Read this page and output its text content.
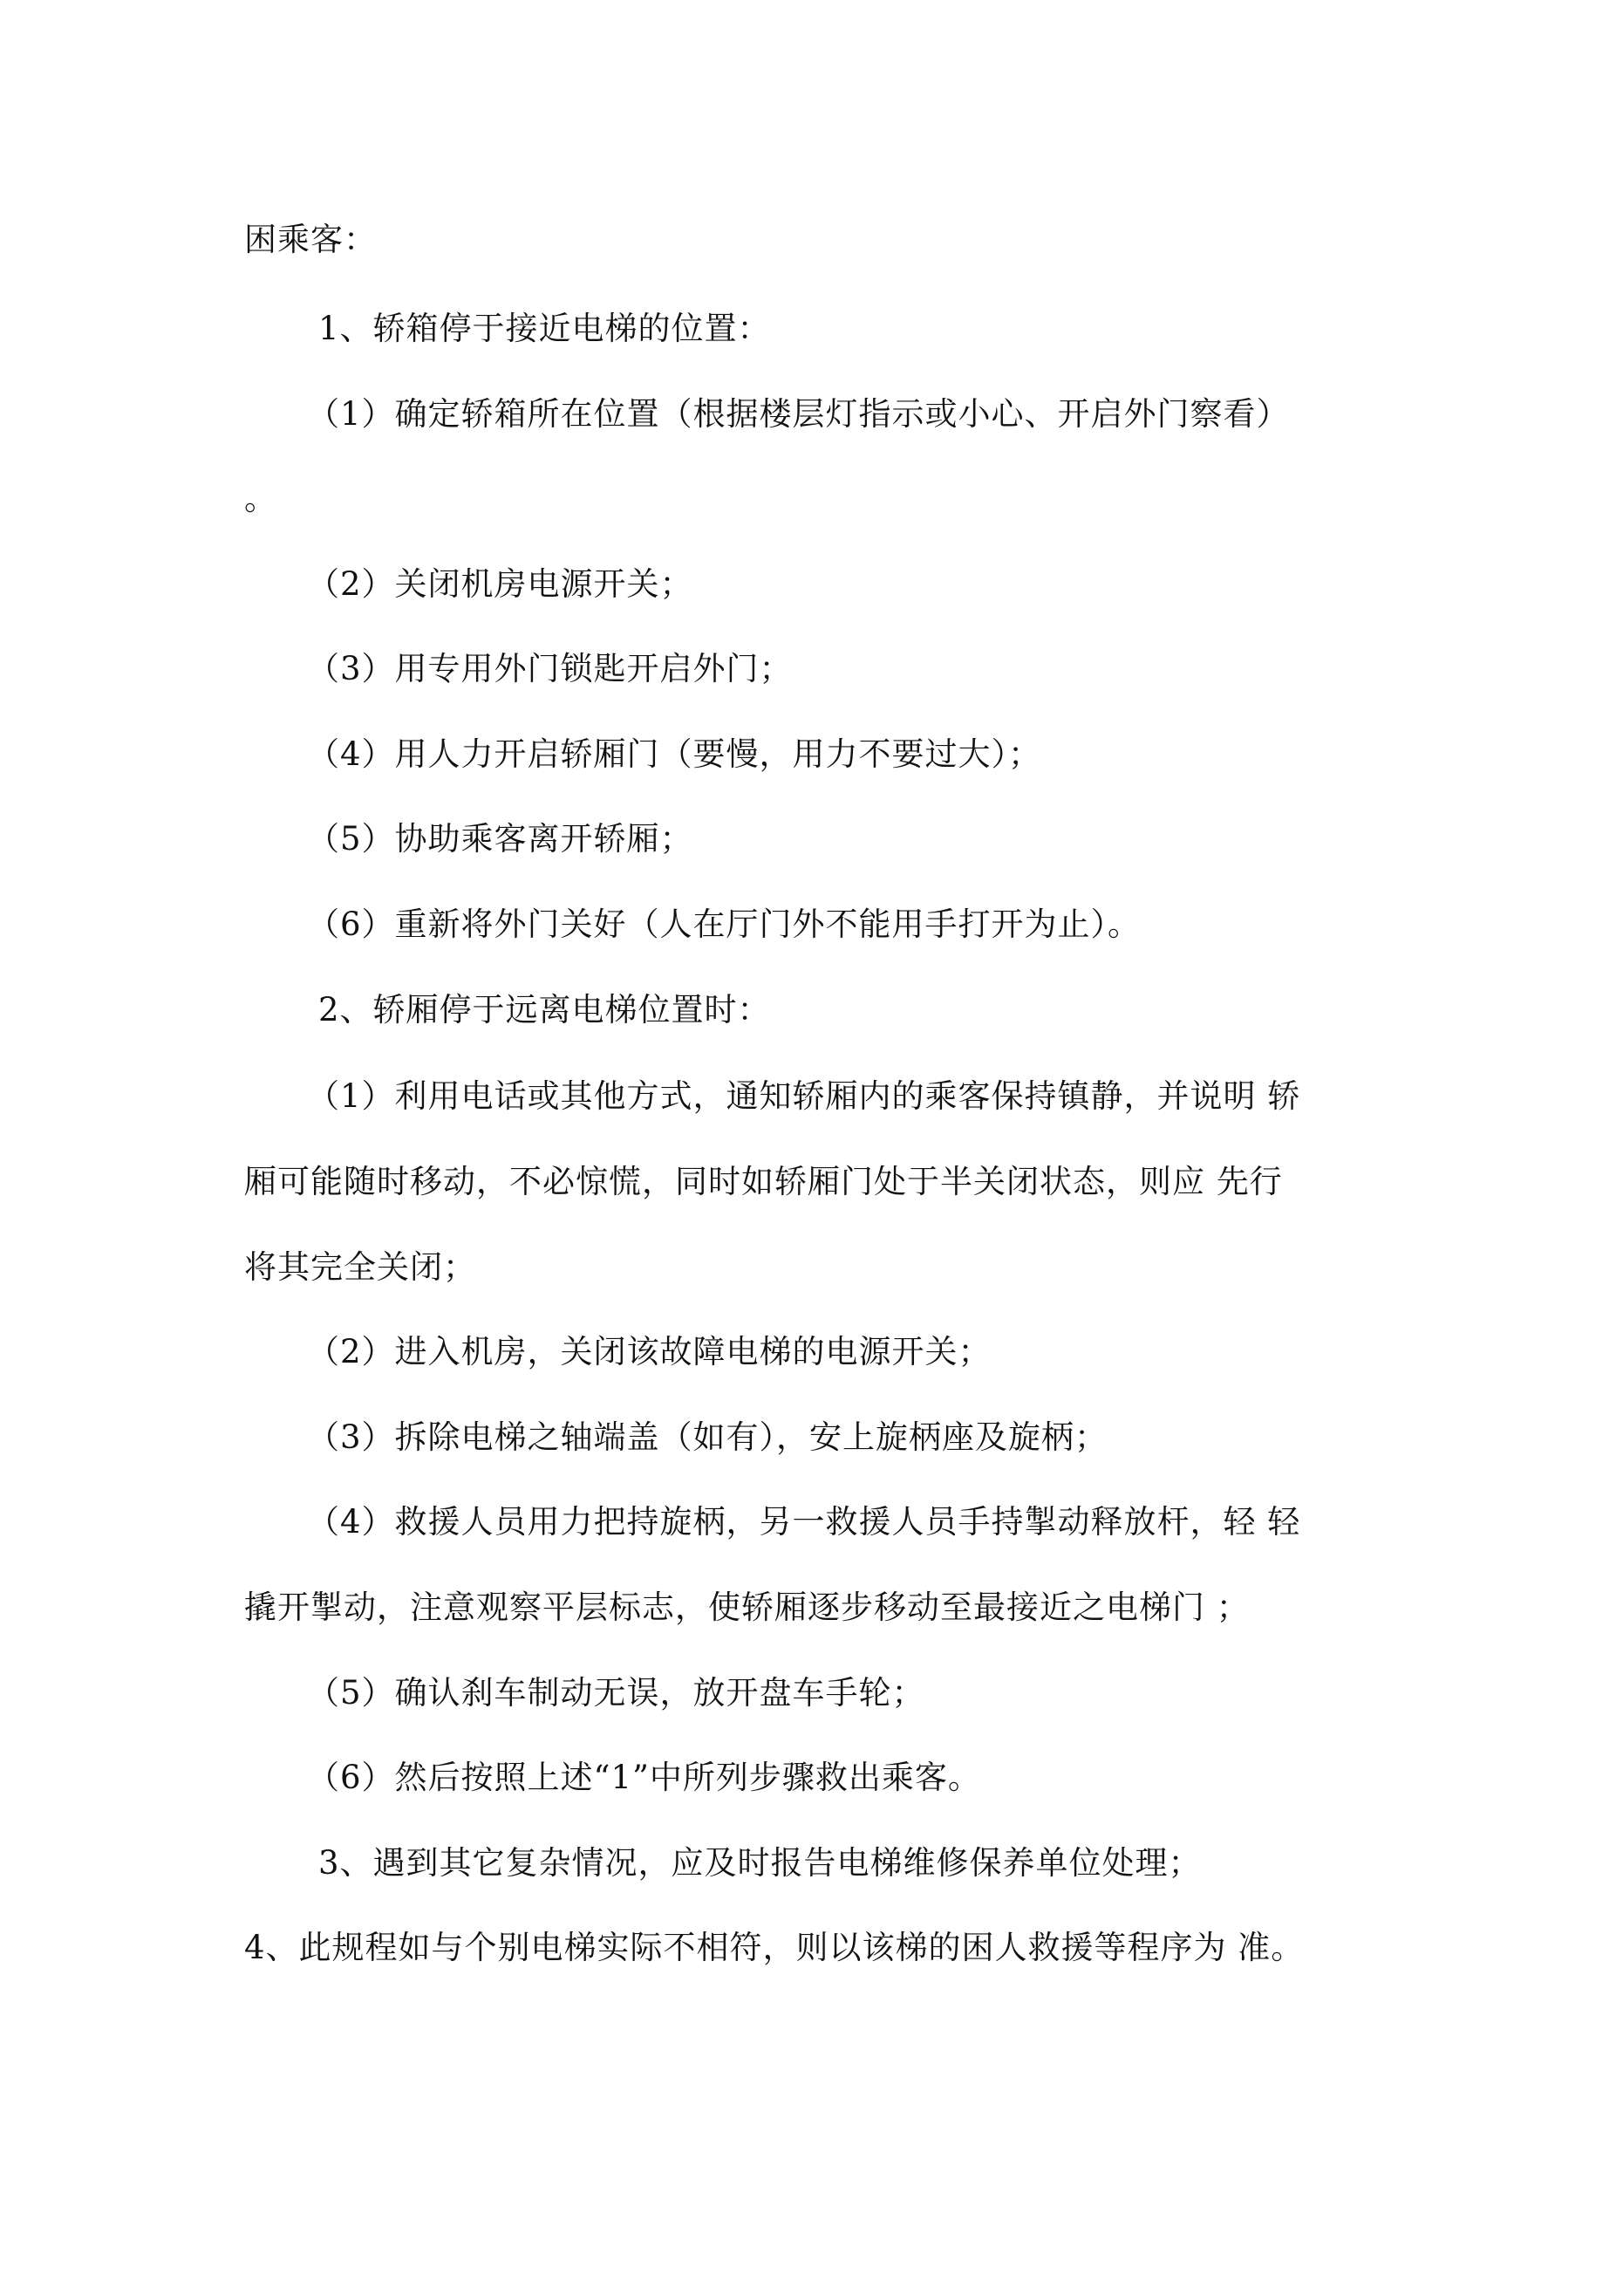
困乘客：
1、轿箱停于接近电梯的位置：
（1）确定轿箱所在位置（根据楼层灯指示或小心、开启外门察看）
。
（2）关闭机房电源开关；
（3）用专用外门锁匙开启外门；
（4）用人力开启轿厢门（要慢，用力不要过大）；
（5）协助乘客离开轿厢；
（6）重新将外门关好（人在厅门外不能用手打开为止）。
2、轿厢停于远离电梯位置时：
（1）利用电话或其他方式，通知轿厢内的乘客保持镇静，并说明 轿
厢可能随时移动，不必惊慌，同时如轿厢门处于半关闭状态，则应 先行
将其完全关闭；
（2）进入机房，关闭该故障电梯的电源开关；
（3）拆除电梯之轴端盖（如有），安上旋柄座及旋柄；
（4）救援人员用力把持旋柄，另一救援人员手持掣动释放杆，轻 轻
撬开掣动，注意观察平层标志，使轿厢逐步移动至最接近之电梯门 ；
（5）确认刹车制动无误，放开盘车手轮；
（6）然后按照上述“1”中所列步骤救出乘客。
3、遇到其它复杂情况，应及时报告电梯维修保养单位处理；
4、此规程如与个别电梯实际不相符，则以该梯的困人救援等程序为 准。
